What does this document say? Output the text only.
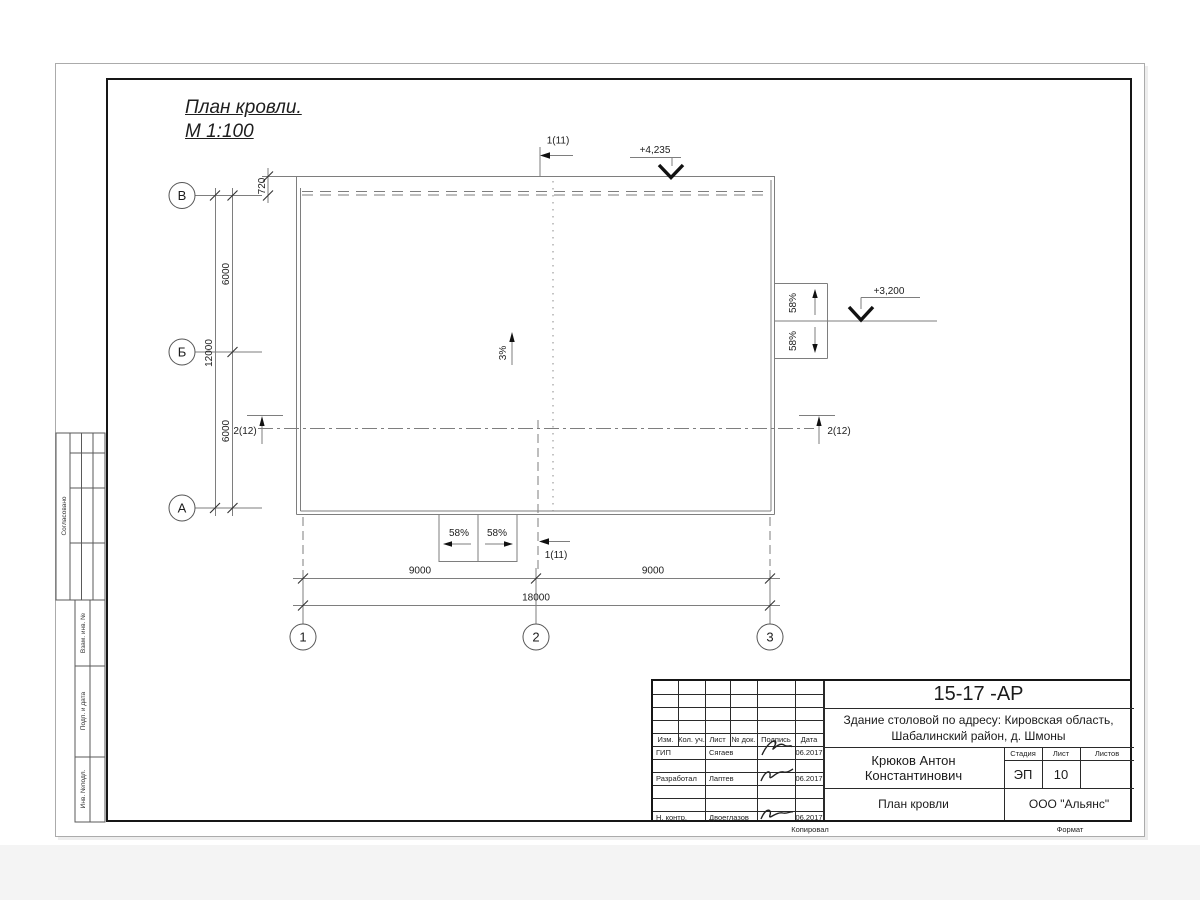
План кровли.
М 1:100
58% 58%
58%
58%
3%
+4,235
+3,200
1(11)
1(11)
2(12)	2(12)
720
6000
6000
12000
В
Б
А
9000	9000
18000
1	2	3
Согласовано
Взам. инв. №
Подп. и дата
Инв. №подл.
Изм. Кол. уч. Лист № док. Подпись	Дата
ГИП	Сягаев	06.2017
Разработал	Лаптев	06.2017
Н. контр.	Двоеглазов	06.2017
15-17 -АР
Здание столовой по адресу: Кировская область,
Шабалинский район, д. Шмоны
Крюков Антон Константинович
Стадия	Лист	Листов
ЭП	10
План кровли	ООО "Альянс"
Копировал	Формат
